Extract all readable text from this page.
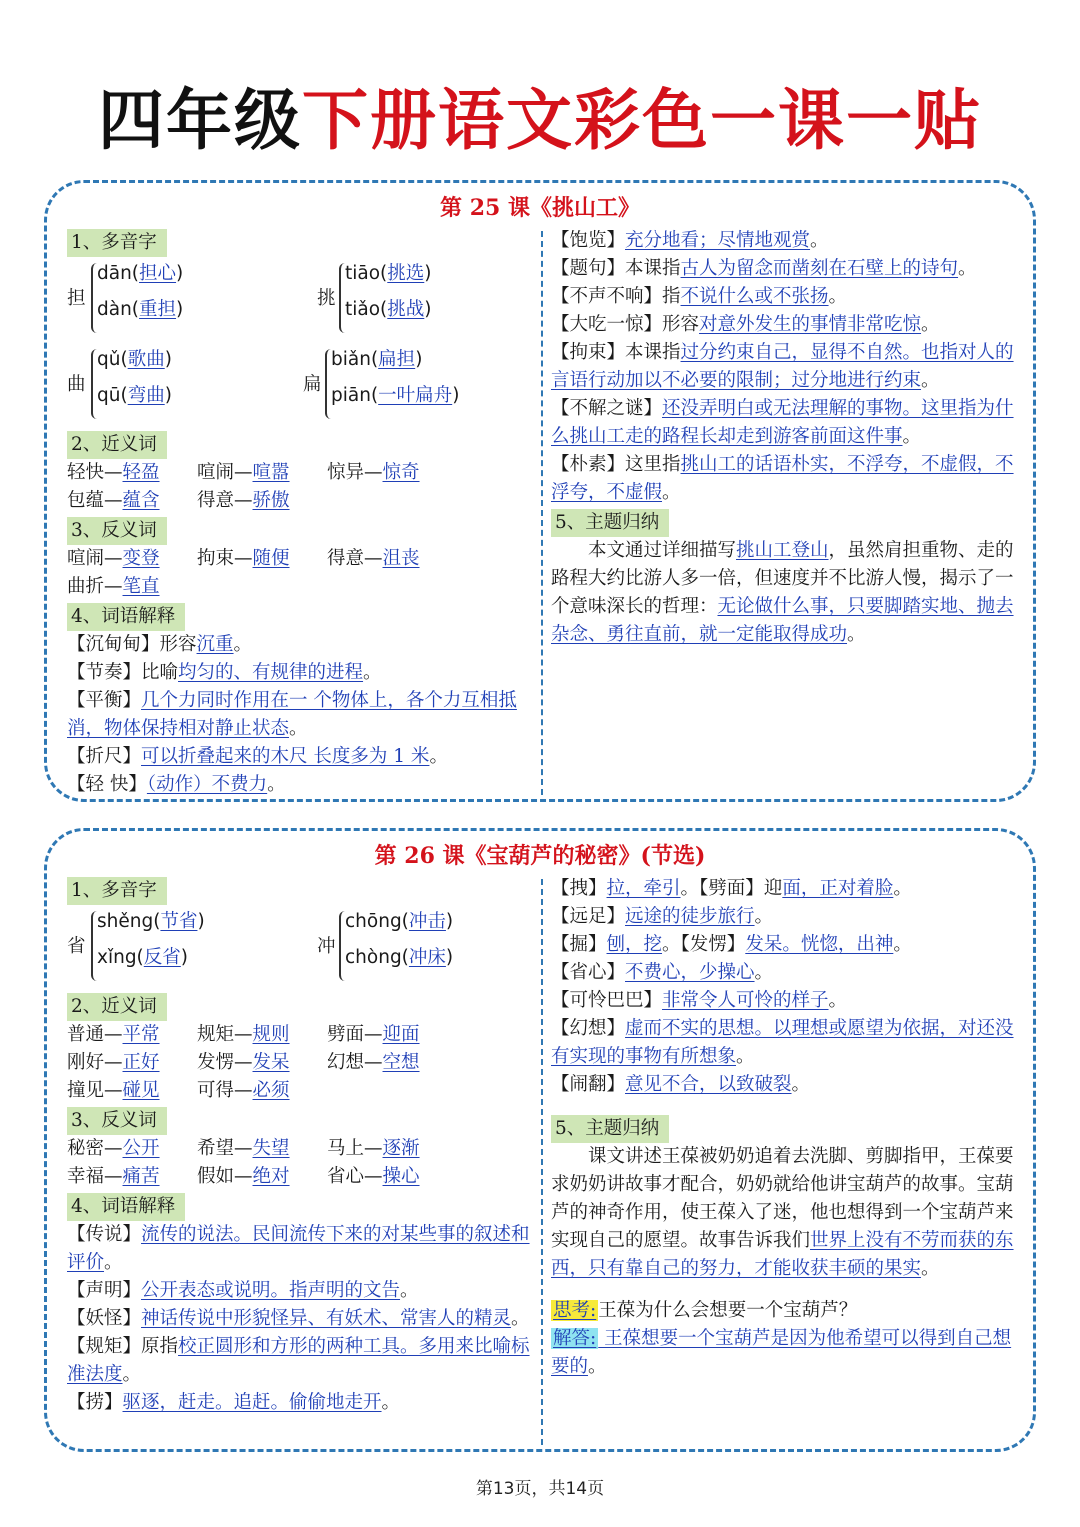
四年级下册语文彩色一课一贴
第 25 课《挑山工》
1、多音字
担
dān(担心)
dàn(重担)
挑
tiāo(挑选)
tiǎo(挑战)
曲
qǔ(歌曲)
qū(弯曲)
扁
biǎn(扁担)
piān(一叶扁舟)
2、近义词
轻快—轻盈 喧闹—喧嚣 惊异—惊奇
包蕴—蕴含 得意—骄傲
3、反义词
喧闹—变登 拘束—随便 得意—沮丧
曲折—笔直
4、词语解释

【沉甸甸】形容沉重。

【节奏】比喻均匀的、有规律的进程。

【平衡】几个力同时作用在一 个物体上，各个力互相抵消，物体保持相对静止状态。

【折尺】可以折叠起来的木尺 长度多为 1 米。

【轻 快】（动作）不费力。

【饱览】充分地看；尽情地观赏。

【题句】本课指古人为留念而凿刻在石壁上的诗句。

【不声不响】指不说什么或不张扬。

【大吃一惊】形容对意外发生的事情非常吃惊。

【拘束】本课指过分约束自己，显得不自然。也指对人的言语行动加以不必要的限制；过分地进行约束。

【不解之谜】还没弄明白或无法理解的事物。这里指为什么挑山工走的路程长却走到游客前面这件事。

【朴素】这里指挑山工的话语朴实，不浮夸，不虚假，不浮夸，不虚假。

5、主题归纳

本文通过详细描写挑山工登山，虽然肩担重物、走的路程大约比游人多一倍，但速度并不比游人慢，揭示了一个意味深长的哲理：无论做什么事，只要脚踏实地、抛去杂念、勇往直前，就一定能取得成功。

第 26 课《宝葫芦的秘密》(节选)
1、多音字
省
shěng(节省)
xǐng(反省)
冲
chōng(冲击)
chòng(冲床)
2、近义词
普通—平常 规矩—规则 劈面—迎面
刚好—正好 发愣—发呆 幻想—空想
撞见—碰见 可得—必须
3、反义词
秘密—公开 希望—失望 马上—逐渐
幸福—痛苦 假如—绝对 省心—操心
4、词语解释

【传说】流传的说法。民间流传下来的对某些事的叙述和评价。

【声明】公开表态或说明。指声明的文告。

【妖怪】神话传说中形貌怪异、有妖术、常害人的精灵。

【规矩】原指校正圆形和方形的两种工具。多用来比喻标准法度。

【捞】驱逐，赶走。追赶。偷偷地走开。

【拽】拉，牵引。【劈面】迎面，正对着脸。

【远足】远途的徒步旅行。

【掘】刨，挖。【发愣】发呆。恍惚，出神。

【省心】不费心，少操心。

【可怜巴巴】非常令人可怜的样子。

【幻想】虚而不实的思想。以理想或愿望为依据，对还没有实现的事物有所想象。

【闹翻】意见不合，以致破裂。

5、主题归纳

课文讲述王葆被奶奶追着去洗脚、剪脚指甲，王葆要求奶奶讲故事才配合，奶奶就给他讲宝葫芦的故事。宝葫芦的神奇作用，使王葆入了迷，他也想得到一个宝葫芦来实现自己的愿望。故事告诉我们世界上没有不劳而获的东西，只有靠自己的努力，才能收获丰硕的果实。

思考: 王葆为什么会想要一个宝葫芦？

解答: 王葆想要一个宝葫芦是因为他希望可以得到自己想要的。

第13页，共14页
